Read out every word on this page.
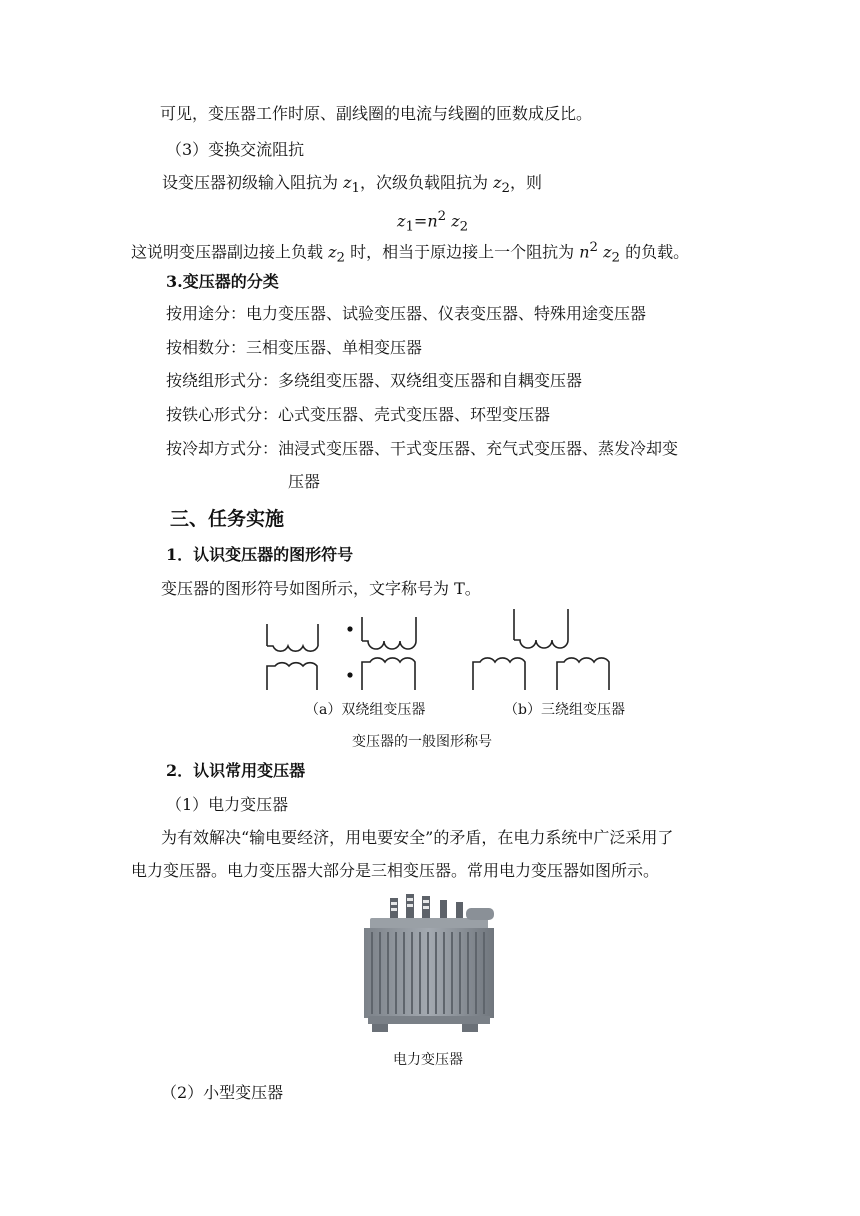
可见，变压器工作时原、副线圈的电流与线圈的匝数成反比。
（3）变换交流阻抗
设变压器初级输入阻抗为 $z_1$，次级负载阻抗为 $z_2$，则
$z_1=n^2$ $z_2$
这说明变压器副边接上负载 $z_2$ 时，相当于原边接上一个阻抗为 $n^2$ $z_2$ 的负载。
3.变压器的分类
按用途分：电力变压器、试验变压器、仪表变压器、特殊用途变压器
按相数分：三相变压器、单相变压器
按绕组形式分：多绕组变压器、双绕组变压器和自耦变压器
按铁心形式分：心式变压器、壳式变压器、环型变压器
按冷却方式分：油浸式变压器、干式变压器、充气式变压器、蒸发冷却变
压器
三、任务实施
1．认识变压器的图形符号
变压器的图形符号如图所示，文字称号为 T。
（a）双绕组变压器	（b）三绕组变压器
变压器的一般图形称号
2．认识常用变压器
（1）电力变压器
为有效解决“输电要经济，用电要安全”的矛盾，在电力系统中广泛采用了
电力变压器。电力变压器大部分是三相变压器。常用电力变压器如图所示。
电力变压器
（2）小型变压器
